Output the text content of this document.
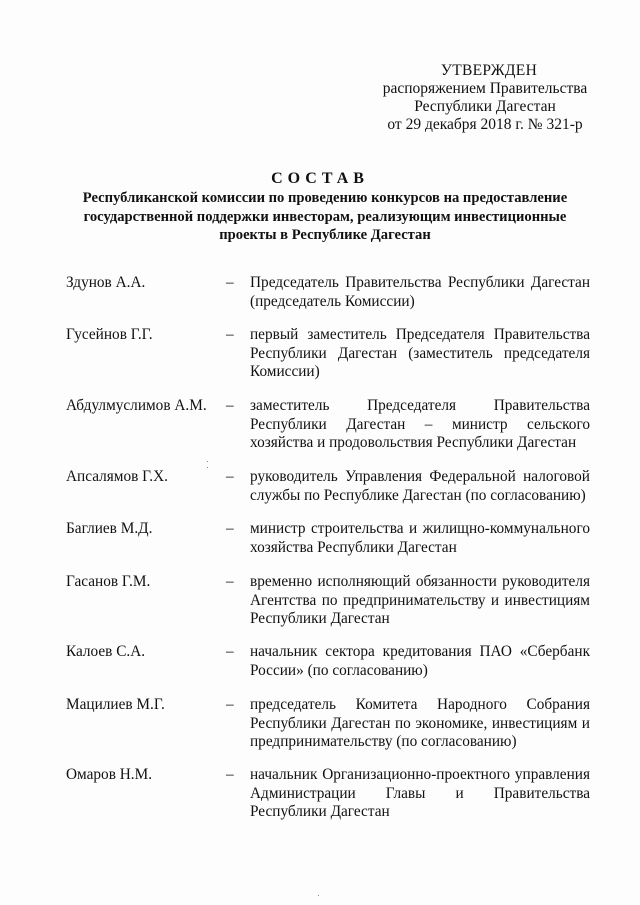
УТВЕРЖДЕН
распоряжением Правительства
Республики Дагестан
от 29 декабря 2018 г. № 321-р
СОСТАВ
Республиканской комиссии по проведению конкурсов на предоставление
государственной поддержки инвесторам, реализующим инвестиционные
проекты в Республике Дагестан
Здунов А.А.	– Председатель Правительства Республики Дагестан
(председатель Комиссии)
Гусейнов Г.Г.	– первый заместитель Председателя Правительства
Республики Дагестан (заместитель председателя
Комиссии)
Абдулмуслимов А.М. – заместитель Председателя Правительства
Республики Дагестан – министр сельского
хозяйства и продовольствия Республики Дагестан
Апсалямов Г.Х.	– руководитель Управления Федеральной налоговой
службы по Республике Дагестан (по согласованию)
Баглиев М.Д.	– министр строительства и жилищно-коммунального
хозяйства Республики Дагестан
Гасанов Г.М.	– временно исполняющий обязанности руководителя
Агентства по предпринимательству и инвестициям
Республики Дагестан
Калоев С.А.	– начальник сектора кредитования ПАО «Сбербанк
России» (по согласованию)
Мацилиев М.Г.	– председатель Комитета Народного Собрания
Республики Дагестан по экономике, инвестициям и
предпринимательству (по согласованию)
Омаров Н.М.	– начальник Организационно-проектного управления
Администрации Главы и Правительства
Республики Дагестан
